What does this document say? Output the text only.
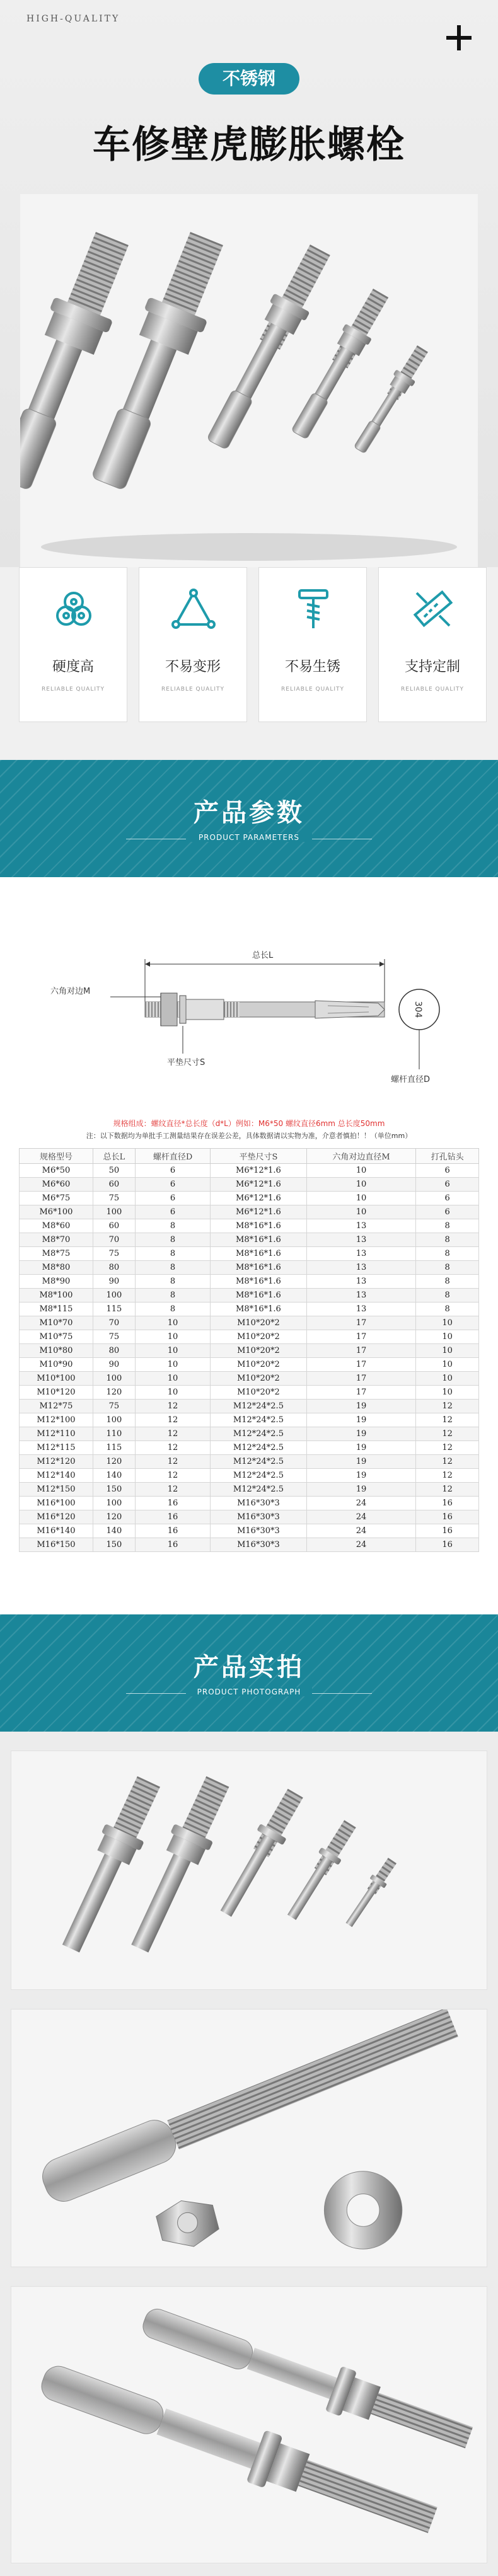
HIGH-QUALITY
不锈钢
车修壁虎膨胀螺栓
硬度高
RELIABLE QUALITY
不易变形
RELIABLE QUALITY
不易生锈
RELIABLE QUALITY
支持定制
RELIABLE QUALITY
产品参数
PRODUCT PARAMETERS
总长L
六角对边M
平垫尺寸S
304
螺杆直径D
规格组成：螺纹直径*总长度（d*L）例如：M6*50 螺纹直径6mm 总长度50mm
注：以下数据均为单批手工测量结果存在误差公差，具体数据请以实物为准，介意者慎拍！！（单位mm）
规格型号	总长L	螺杆直径D	平垫尺寸S	六角对边直径M	打孔钻头
M6*50	50	6	M6*12*1.6	10	6
M6*60	60	6	M6*12*1.6	10	6
M6*75	75	6	M6*12*1.6	10	6
M6*100	100	6	M6*12*1.6	10	6
M8*60	60	8	M8*16*1.6	13	8
M8*70	70	8	M8*16*1.6	13	8
M8*75	75	8	M8*16*1.6	13	8
M8*80	80	8	M8*16*1.6	13	8
M8*90	90	8	M8*16*1.6	13	8
M8*100	100	8	M8*16*1.6	13	8
M8*115	115	8	M8*16*1.6	13	8
M10*70	70	10	M10*20*2	17	10
M10*75	75	10	M10*20*2	17	10
M10*80	80	10	M10*20*2	17	10
M10*90	90	10	M10*20*2	17	10
M10*100	100	10	M10*20*2	17	10
M10*120	120	10	M10*20*2	17	10
M12*75	75	12	M12*24*2.5	19	12
M12*100	100	12	M12*24*2.5	19	12
M12*110	110	12	M12*24*2.5	19	12
M12*115	115	12	M12*24*2.5	19	12
M12*120	120	12	M12*24*2.5	19	12
M12*140	140	12	M12*24*2.5	19	12
M12*150	150	12	M12*24*2.5	19	12
M16*100	100	16	M16*30*3	24	16
M16*120	120	16	M16*30*3	24	16
M16*140	140	16	M16*30*3	24	16
M16*150	150	16	M16*30*3	24	16
产品实拍
PRODUCT PHOTOGRAPH
